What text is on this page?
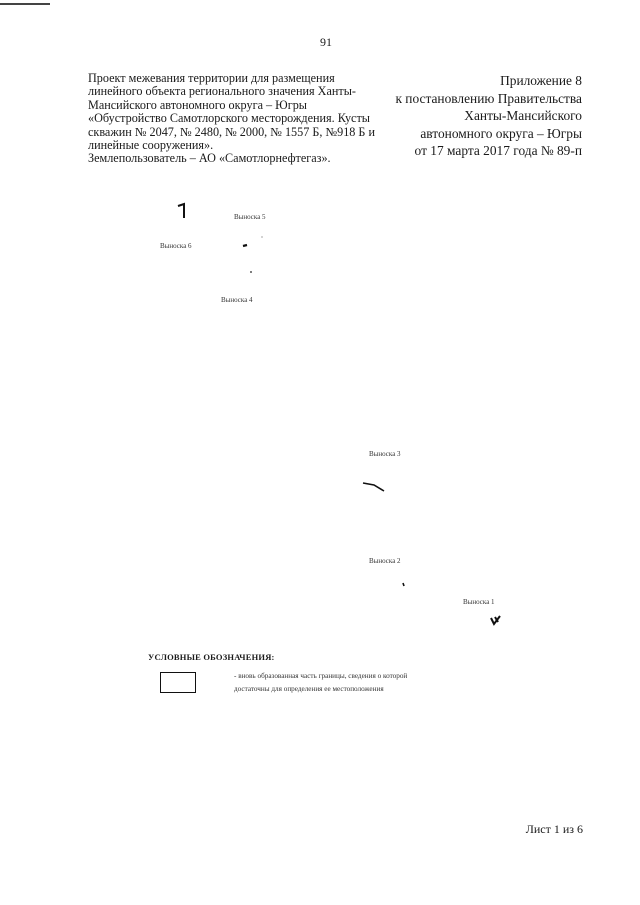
91
Проект межевания территории для размещения
линейного объекта регионального значения Ханты-
Мансийского автономного округа – Югры
«Обустройство Самотлорского месторождения. Кусты
скважин № 2047, № 2480, № 2000, № 1557 Б, №918 Б и
линейные сооружения».
Землепользователь – АО «Самотлорнефтегаз».
Приложение 8
к постановлению Правительства
Ханты-Мансийского
автономного округа – Югры
от 17 марта 2017 года № 89-п
Выноска 5
Выноска 6
Выноска 4
Выноска 3
Выноска 2
Выноска 1
УСЛОВНЫЕ ОБОЗНАЧЕНИЯ:
- вновь образованная часть границы, сведения о которой
достаточны для определения ее местоположения
Лист 1 из 6
